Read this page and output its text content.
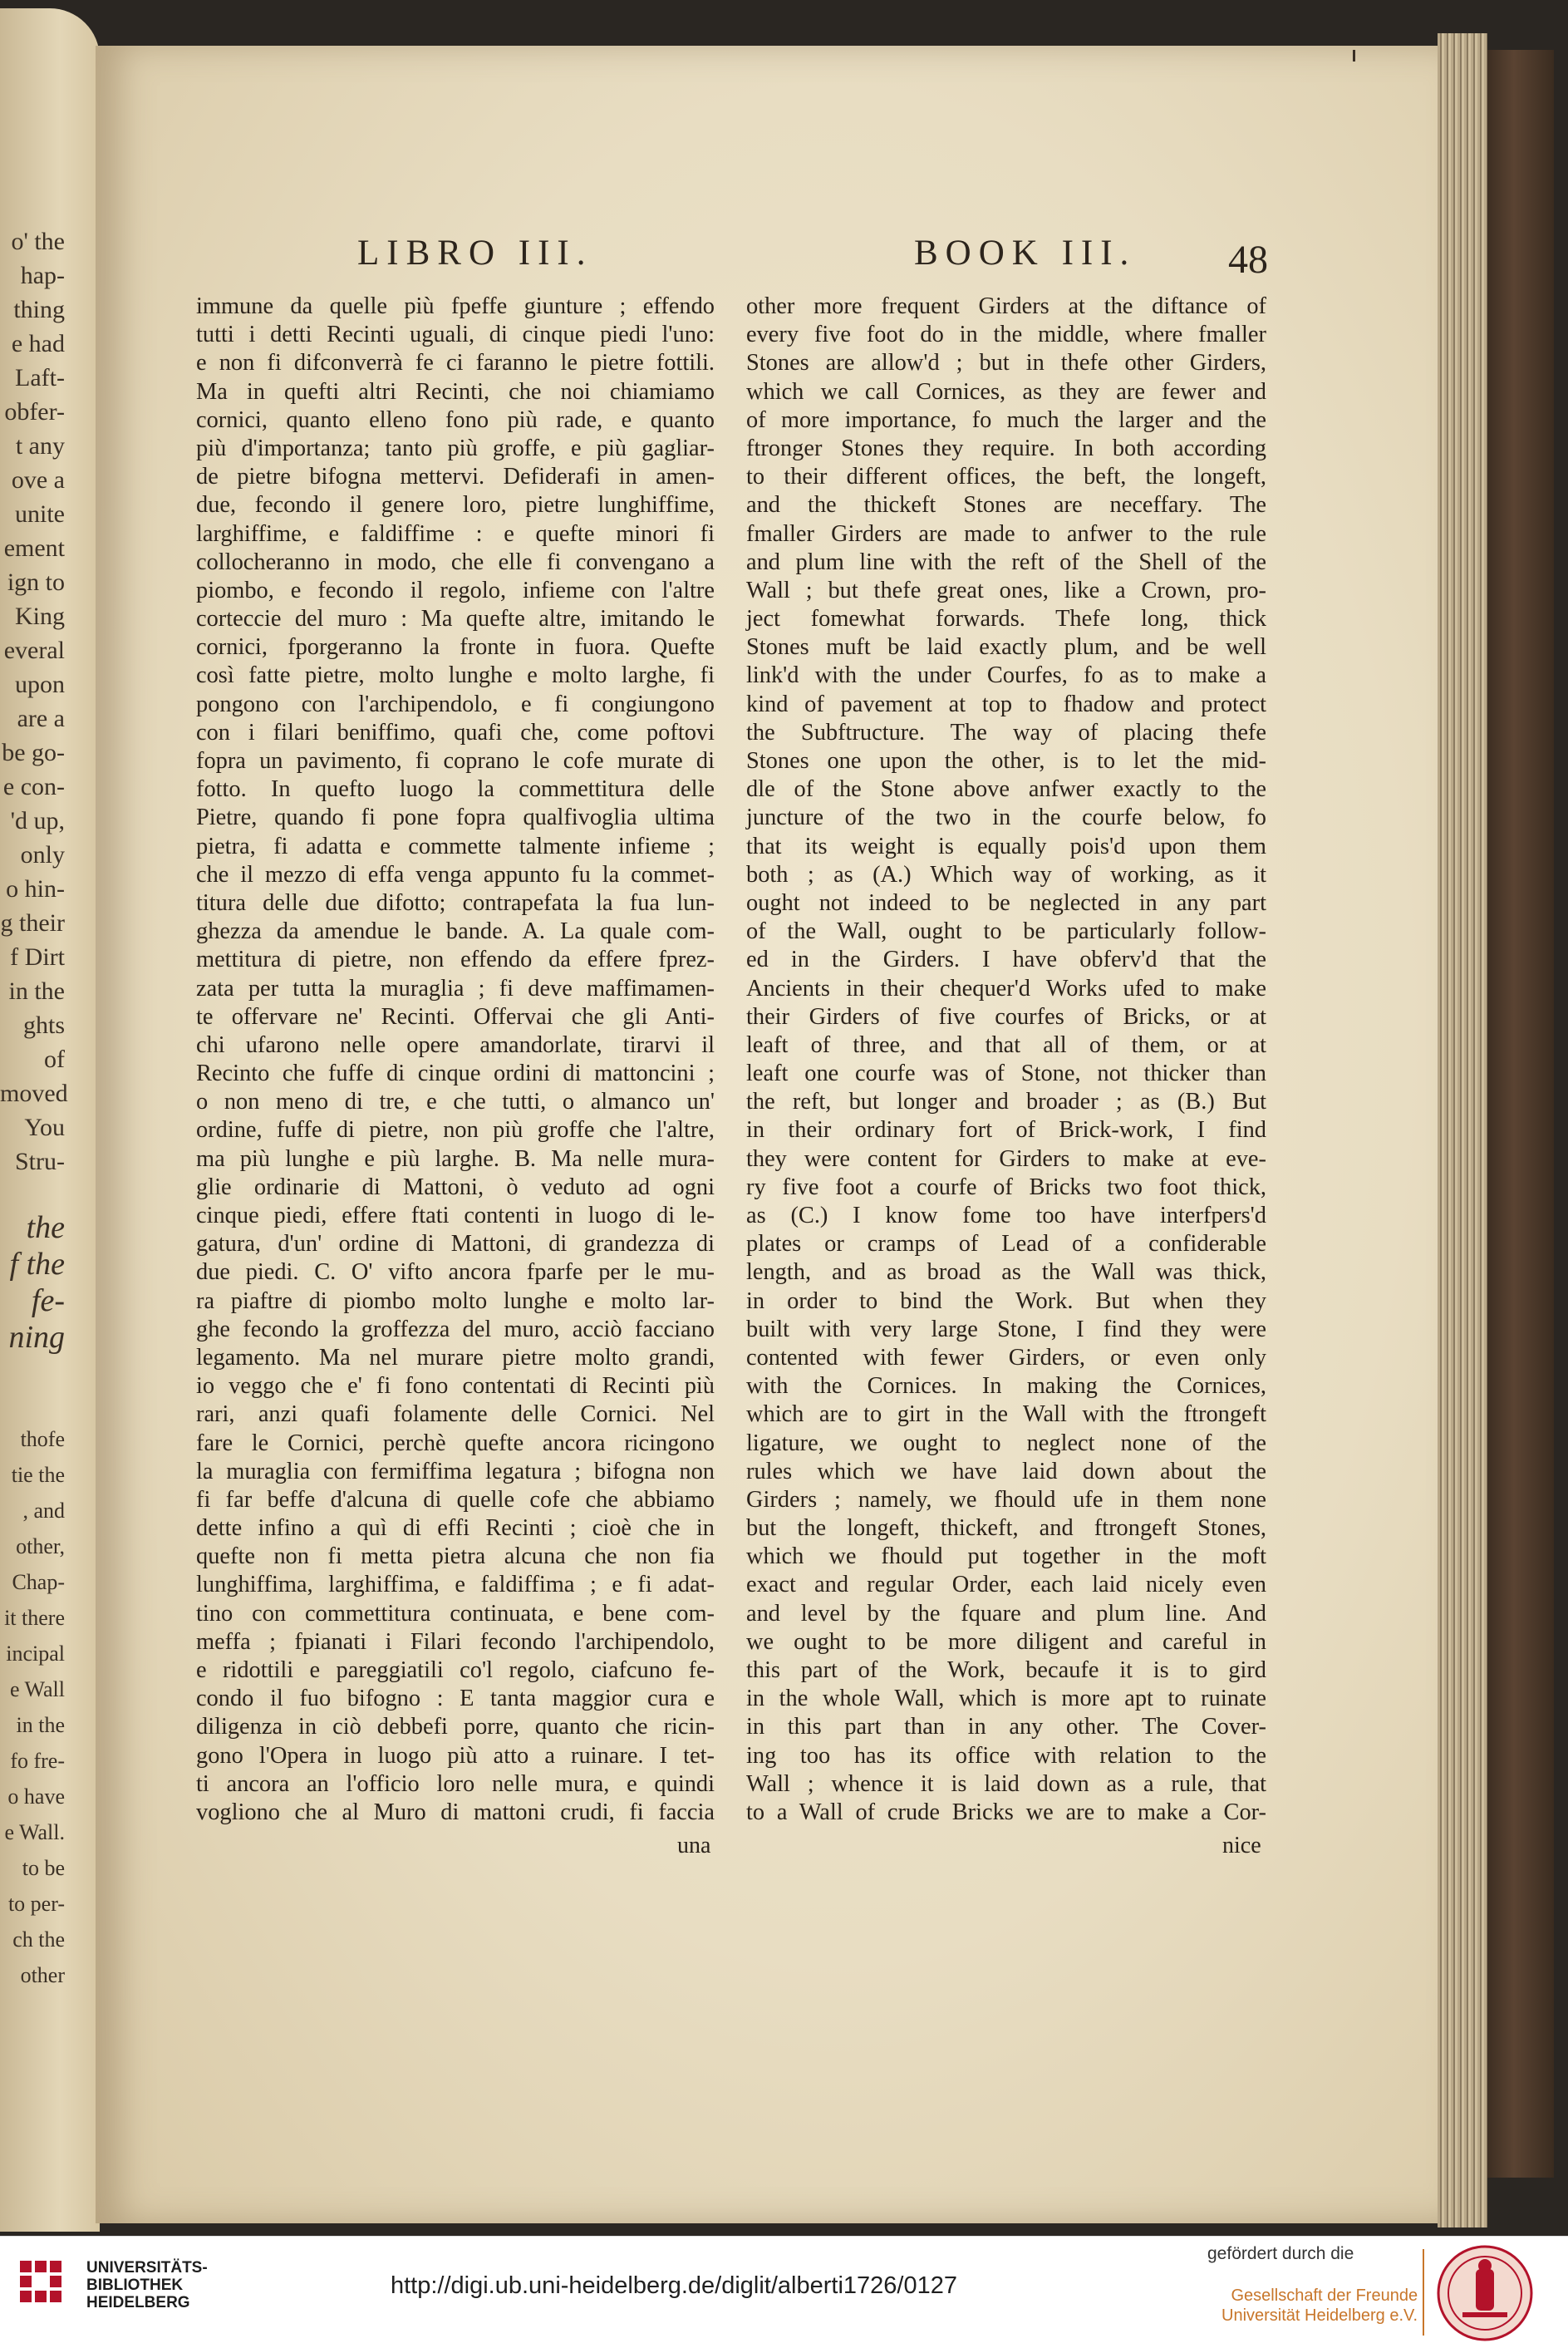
o' the
hap-
thing
e had
Laft-
obfer-
t any
ove a
unite
ement
ign to
King
everal
upon
are a
be go-
e con-
'd up,
only
o hin-
g their
f Dirt
in the
ghts of
moved
You
Stru-
the
f the
fe-
ning
thofe
tie the
, and
other,
Chap-
it there
incipal
e Wall
in the
fo fre-
o have
e Wall.
to be
to per-
ch the
other
LIBRO III.	BOOK III. 48
immune da quelle più fpeffe giunture ; effendo
tutti i detti Recinti uguali, di cinque piedi l'uno:
e non fi difconverrà fe ci faranno le pietre fottili.
Ma in quefti altri Recinti, che noi chiamiamo
cornici, quanto elleno fono più rade, e quanto
più d'importanza; tanto più groffe, e più gagliar-
de pietre bifogna mettervi. Defiderafi in amen-
due, fecondo il genere loro, pietre lunghiffime,
larghiffime, e faldiffime : e quefte minori fi
collocheranno in modo, che elle fi convengano a
piombo, e fecondo il regolo, infieme con l'altre
corteccie del muro : Ma quefte altre, imitando le
cornici, fporgeranno la fronte in fuora. Quefte
così fatte pietre, molto lunghe e molto larghe, fi
pongono con l'archipendolo, e fi congiungono
con i filari beniffimo, quafi che, come poftovi
fopra un pavimento, fi coprano le cofe murate di
fotto. In quefto luogo la commettitura delle
Pietre, quando fi pone fopra qualfivoglia ultima
pietra, fi adatta e commette talmente infieme ;
che il mezzo di effa venga appunto fu la commet-
titura delle due difotto; contrapefata la fua lun-
ghezza da amendue le bande. A. La quale com-
mettitura di pietre, non effendo da effere fprez-
zata per tutta la muraglia ; fi deve maffimamen-
te offervare ne' Recinti. Offervai che gli Anti-
chi ufarono nelle opere amandorlate, tirarvi il
Recinto che fuffe di cinque ordini di mattoncini ;
o non meno di tre, e che tutti, o almanco un'
ordine, fuffe di pietre, non più groffe che l'altre,
ma più lunghe e più larghe. B. Ma nelle mura-
glie ordinarie di Mattoni, ò veduto ad ogni
cinque piedi, effere ftati contenti in luogo di le-
gatura, d'un' ordine di Mattoni, di grandezza di
due piedi. C. O' vifto ancora fparfe per le mu-
ra piaftre di piombo molto lunghe e molto lar-
ghe fecondo la groffezza del muro, acciò facciano
legamento. Ma nel murare pietre molto grandi,
io veggo che e' fi fono contentati di Recinti più
rari, anzi quafi folamente delle Cornici. Nel
fare le Cornici, perchè quefte ancora ricingono
la muraglia con fermiffima legatura ; bifogna non
fi far beffe d'alcuna di quelle cofe che abbiamo
dette infino a quì di effi Recinti ; cioè che in
quefte non fi metta pietra alcuna che non fia
lunghiffima, larghiffima, e faldiffima ; e fi adat-
tino con commettitura continuata, e bene com-
meffa ; fpianati i Filari fecondo l'archipendolo,
e ridottili e pareggiatili co'l regolo, ciafcuno fe-
condo il fuo bifogno : E tanta maggior cura e
diligenza in ciò debbefi porre, quanto che ricin-
gono l'Opera in luogo più atto a ruinare. I tet-
ti ancora an l'officio loro nelle mura, e quindi
vogliono che al Muro di mattoni crudi, fi faccia
other more frequent Girders at the diftance of
every five foot do in the middle, where fmaller
Stones are allow'd ; but in thefe other Girders,
which we call Cornices, as they are fewer and
of more importance, fo much the larger and the
ftronger Stones they require. In both according
to their different offices, the beft, the longeft,
and the thickeft Stones are neceffary. The
fmaller Girders are made to anfwer to the rule
and plum line with the reft of the Shell of the
Wall ; but thefe great ones, like a Crown, pro-
ject fomewhat forwards. Thefe long, thick
Stones muft be laid exactly plum, and be well
link'd with the under Courfes, fo as to make a
kind of pavement at top to fhadow and protect
the Subftructure. The way of placing thefe
Stones one upon the other, is to let the mid-
dle of the Stone above anfwer exactly to the
juncture of the two in the courfe below, fo
that its weight is equally pois'd upon them
both ; as (A.) Which way of working, as it
ought not indeed to be neglected in any part
of the Wall, ought to be particularly follow-
ed in the Girders. I have obferv'd that the
Ancients in their chequer'd Works ufed to make
their Girders of five courfes of Bricks, or at
leaft of three, and that all of them, or at
leaft one courfe was of Stone, not thicker than
the reft, but longer and broader ; as (B.) But
in their ordinary fort of Brick-work, I find
they were content for Girders to make at eve-
ry five foot a courfe of Bricks two foot thick,
as (C.) I know fome too have interfpers'd
plates or cramps of Lead of a confiderable
length, and as broad as the Wall was thick,
in order to bind the Work. But when they
built with very large Stone, I find they were
contented with fewer Girders, or even only
with the Cornices. In making the Cornices,
which are to girt in the Wall with the ftrongeft
ligature, we ought to neglect none of the
rules which we have laid down about the
Girders ; namely, we fhould ufe in them none
but the longeft, thickeft, and ftrongeft Stones,
which we fhould put together in the moft
exact and regular Order, each laid nicely even
and level by the fquare and plum line. And
we ought to be more diligent and careful in
this part of the Work, becaufe it is to gird
in the whole Wall, which is more apt to ruinate
in this part than in any other. The Cover-
ing too has its office with relation to the
Wall ; whence it is laid down as a rule, that
to a Wall of crude Bricks we are to make a Cor-
una	nice
UNIVERSITÄTS-
BIBLIOTHEK
HEIDELBERG
http://digi.ub.uni-heidelberg.de/diglit/alberti1726/0127
gefördert durch die
Gesellschaft der Freunde
Universität Heidelberg e.V.
